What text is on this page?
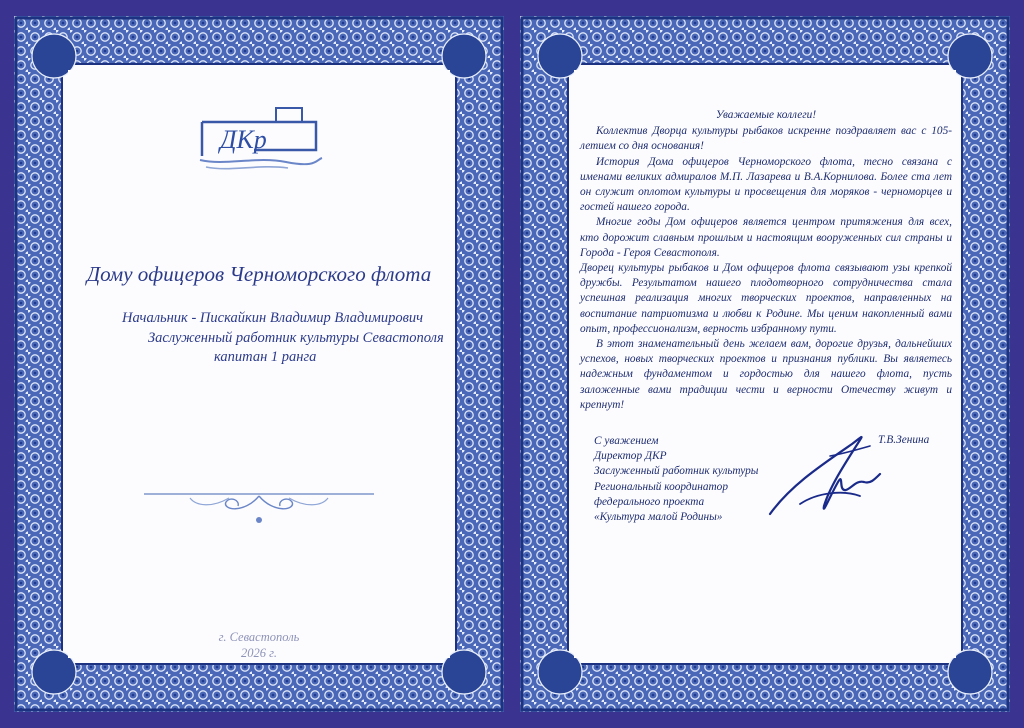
ДКр
Дому офицеров Черноморского флота
Начальник - Пискайкин Владимир Владимирович
Заслуженный работник культуры Севастополя
капитан 1 ранга
г. Севастополь
2026 г.

Уважаемые коллеги!

Коллектив Дворца культуры рыбаков искренне поздравляет вас с 105-летием со дня основания!

История Дома офицеров Черноморского флота, тесно связана с именами великих адмиралов М.П. Лазарева и В.А.Корнилова. Более ста лет он служит оплотом культуры и просвещения для моряков - черноморцев и гостей нашего города.

Многие годы Дом офицеров является центром притяжения для всех, кто дорожит славным прошлым и настоящим вооруженных сил страны и Города - Героя Севастополя.

Дворец культуры рыбаков и Дом офицеров флота связывают узы крепкой дружбы. Результатом нашего плодотворного сотрудничества стала успешная реализация многих творческих проектов, направленных на воспитание патриотизма и любви к Родине. Мы ценим накопленный вами опыт, профессионализм, верность избранному пути.

В этот знаменательный день желаем вам, дорогие друзья, дальнейших успехов, новых творческих проектов и признания публики. Вы являетесь надежным фундаментом и гордостью для нашего флота, пусть заложенные вами традиции чести и верности Отечеству живут и крепнут!

С уважением
Директор ДКР
Заслуженный работник культуры
Региональный координатор
федерального проекта
«Культура малой Родины»
Т.В.Зенина
